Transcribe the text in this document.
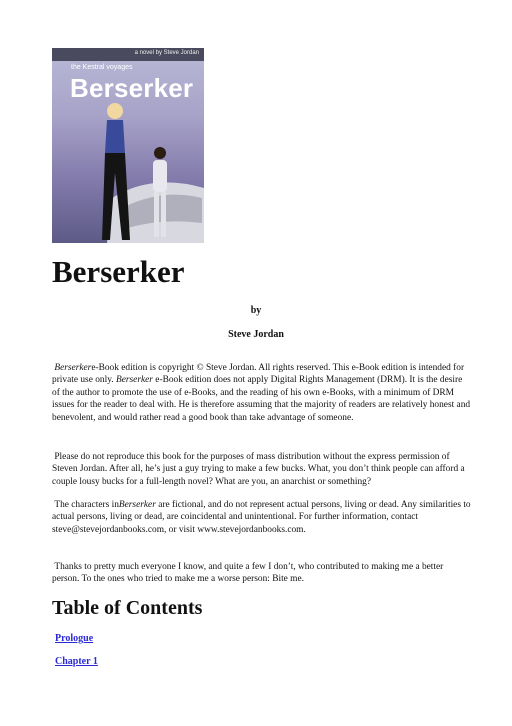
a novel by Steve Jordan
the Kestral voyages
Berserker
Berserker

by

Steve Jordan

Berserkere-Book edition is copyright © Steve Jordan. All rights reserved. This e-Book edition is intended for private use only. Berserker e-Book edition does not apply Digital Rights Management (DRM). It is the desire of the author to promote the use of e-Books, and the reading of his own e-Books, with a minimum of DRM issues for the reader to deal with. He is therefore assuming that the majority of readers are relatively honest and benevolent, and would rather read a good book than take advantage of someone.

Please do not reproduce this book for the purposes of mass distribution without the express permission of Steven Jordan. After all, he’s just a guy trying to make a few bucks. What, you don’t think people can afford a couple lousy bucks for a full-length novel? What are you, an anarchist or something?

The characters inBerserker are fictional, and do not represent actual persons, living or dead. Any similarities to actual persons, living or dead, are coincidental and unintentional. For further information, contact steve@stevejordanbooks.com, or visit www.stevejordanbooks.com.

Thanks to pretty much everyone I know, and quite a few I don’t, who contributed to making me a better person. To the ones who tried to make me a worse person: Bite me.

Table of Contents
Prologue
Chapter 1
